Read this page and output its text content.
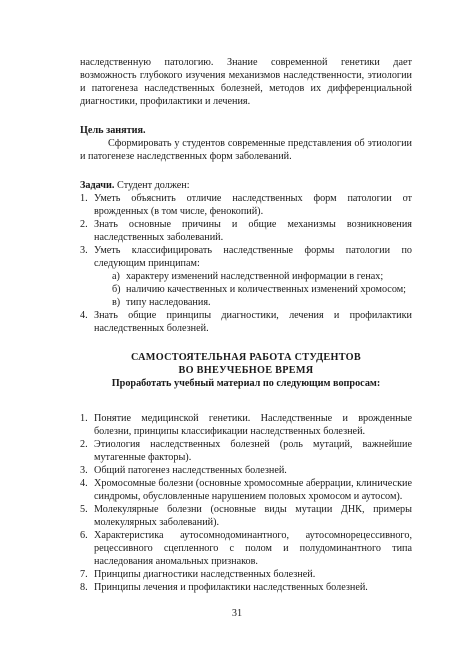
наследственную патологию. Знание современной генетики дает возможность глубокого изучения механизмов наследственности, этиологии и патогенеза наследственных болезней, методов их дифференциальной диагностики, профилактики и лечения.

Цель занятия.

Сформировать у студентов современные представления об этиологии и патогенезе наследственных форм заболеваний.

Задачи. Студент должен:

1. Уметь объяснить отличие наследственных форм патологии от врожденных (в том числе, фенокопий).
2. Знать основные причины и общие механизмы возникновения наследственных заболеваний.
3. Уметь классифицировать наследственные формы патологии по следующим принципам:
а) характеру изменений наследственной информации в генах;
б) наличию качественных и количественных изменений хромосом;
в) типу наследования.
4. Знать общие принципы диагностики, лечения и профилактики наследственных болезней.

САМОСТОЯТЕЛЬНАЯ РАБОТА СТУДЕНТОВ

ВО ВНЕУЧЕБНОЕ ВРЕМЯ

Проработать учебный материал по следующим вопросам:

1. Понятие медицинской генетики. Наследственные и врожденные болезни, принципы классификации наследственных болезней.
2. Этиология наследственных болезней (роль мутаций, важнейшие мутагенные факторы).
3. Общий патогенез наследственных болезней.
4. Хромосомные болезни (основные хромосомные аберрации, клинические синдромы, обусловленные нарушением половых хромосом и аутосом).
5. Молекулярные болезни (основные виды мутации ДНК, примеры молекулярных заболеваний).
6. Характеристика аутосомнодоминантного, аутосомнорецессивного, рецессивного сцепленного с полом и полудоминантного типа наследования аномальных признаков.
7. Принципы диагностики наследственных болезней.
8. Принципы лечения и профилактики наследственных болезней.
31
